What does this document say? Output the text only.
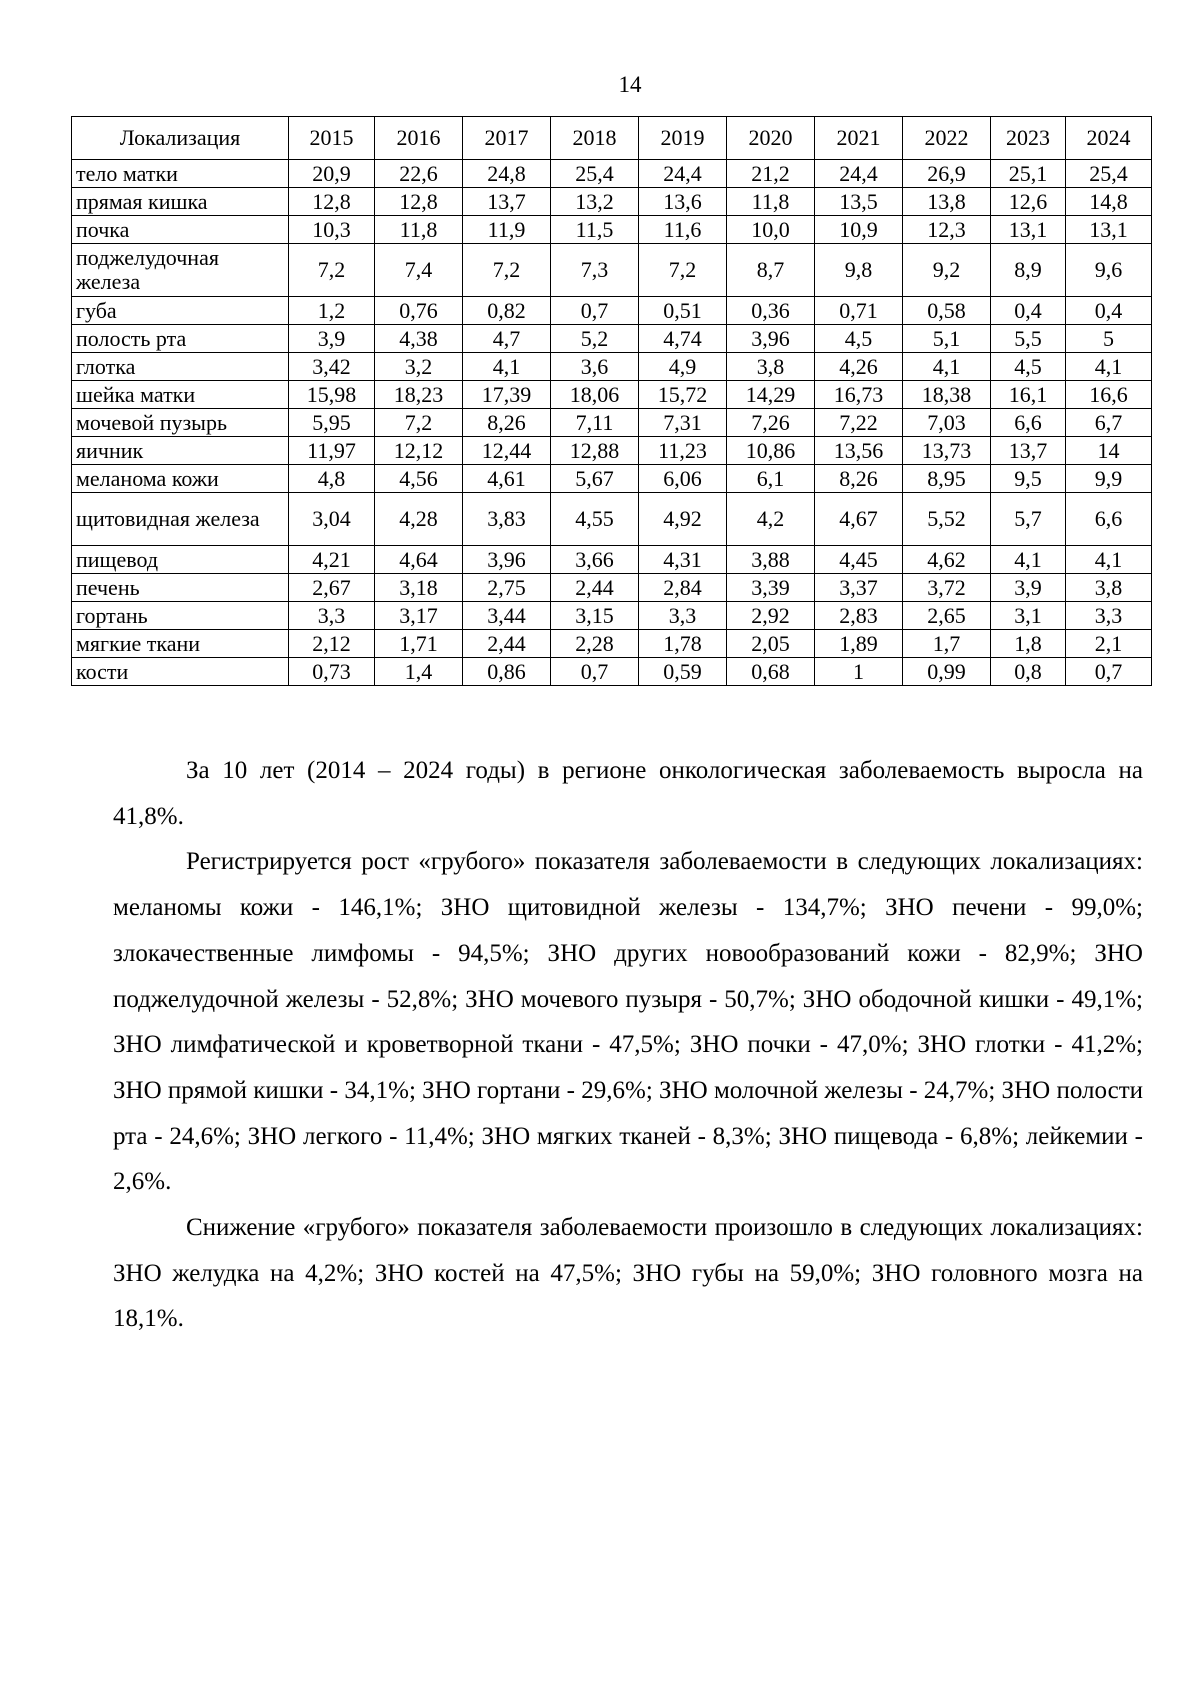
14
Локализация	2015	2016	2017	2018	2019	2020	2021	2022	2023	2024
тело матки	20,9	22,6	24,8	25,4	24,4	21,2	24,4	26,9	25,1	25,4
прямая кишка	12,8	12,8	13,7	13,2	13,6	11,8	13,5	13,8	12,6	14,8
почка	10,3	11,8	11,9	11,5	11,6	10,0	10,9	12,3	13,1	13,1
поджелудочная железа	7,2	7,4	7,2	7,3	7,2	8,7	9,8	9,2	8,9	9,6
губа	1,2	0,76	0,82	0,7	0,51	0,36	0,71	0,58	0,4	0,4
полость рта	3,9	4,38	4,7	5,2	4,74	3,96	4,5	5,1	5,5	5
глотка	3,42	3,2	4,1	3,6	4,9	3,8	4,26	4,1	4,5	4,1
шейка матки	15,98	18,23	17,39	18,06	15,72	14,29	16,73	18,38	16,1	16,6
мочевой пузырь	5,95	7,2	8,26	7,11	7,31	7,26	7,22	7,03	6,6	6,7
яичник	11,97	12,12	12,44	12,88	11,23	10,86	13,56	13,73	13,7	14
меланома кожи	4,8	4,56	4,61	5,67	6,06	6,1	8,26	8,95	9,5	9,9
щитовидная железа	3,04	4,28	3,83	4,55	4,92	4,2	4,67	5,52	5,7	6,6
пищевод	4,21	4,64	3,96	3,66	4,31	3,88	4,45	4,62	4,1	4,1
печень	2,67	3,18	2,75	2,44	2,84	3,39	3,37	3,72	3,9	3,8
гортань	3,3	3,17	3,44	3,15	3,3	2,92	2,83	2,65	3,1	3,3
мягкие ткани	2,12	1,71	2,44	2,28	1,78	2,05	1,89	1,7	1,8	2,1
кости	0,73	1,4	0,86	0,7	0,59	0,68	1	0,99	0,8	0,7

За 10 лет (2014 – 2024 годы) в регионе онкологическая заболеваемость выросла на 41,8%.

Регистрируется рост «грубого» показателя заболеваемости в следующих локализациях: меланомы кожи - 146,1%; ЗНО щитовидной железы - 134,7%; ЗНО печени - 99,0%; злокачественные лимфомы - 94,5%; ЗНО других новообразований кожи - 82,9%; ЗНО поджелудочной железы - 52,8%; ЗНО мочевого пузыря - 50,7%; ЗНО ободочной кишки - 49,1%; ЗНО лимфатической и кроветворной ткани - 47,5%; ЗНО почки - 47,0%; ЗНО глотки - 41,2%; ЗНО прямой кишки - 34,1%; ЗНО гортани - 29,6%; ЗНО молочной железы - 24,7%; ЗНО полости рта - 24,6%; ЗНО легкого - 11,4%; ЗНО мягких тканей - 8,3%; ЗНО пищевода - 6,8%; лейкемии - 2,6%.

Снижение «грубого» показателя заболеваемости произошло в следующих локализациях: ЗНО желудка на 4,2%; ЗНО костей на 47,5%; ЗНО губы на 59,0%; ЗНО головного мозга на 18,1%.
